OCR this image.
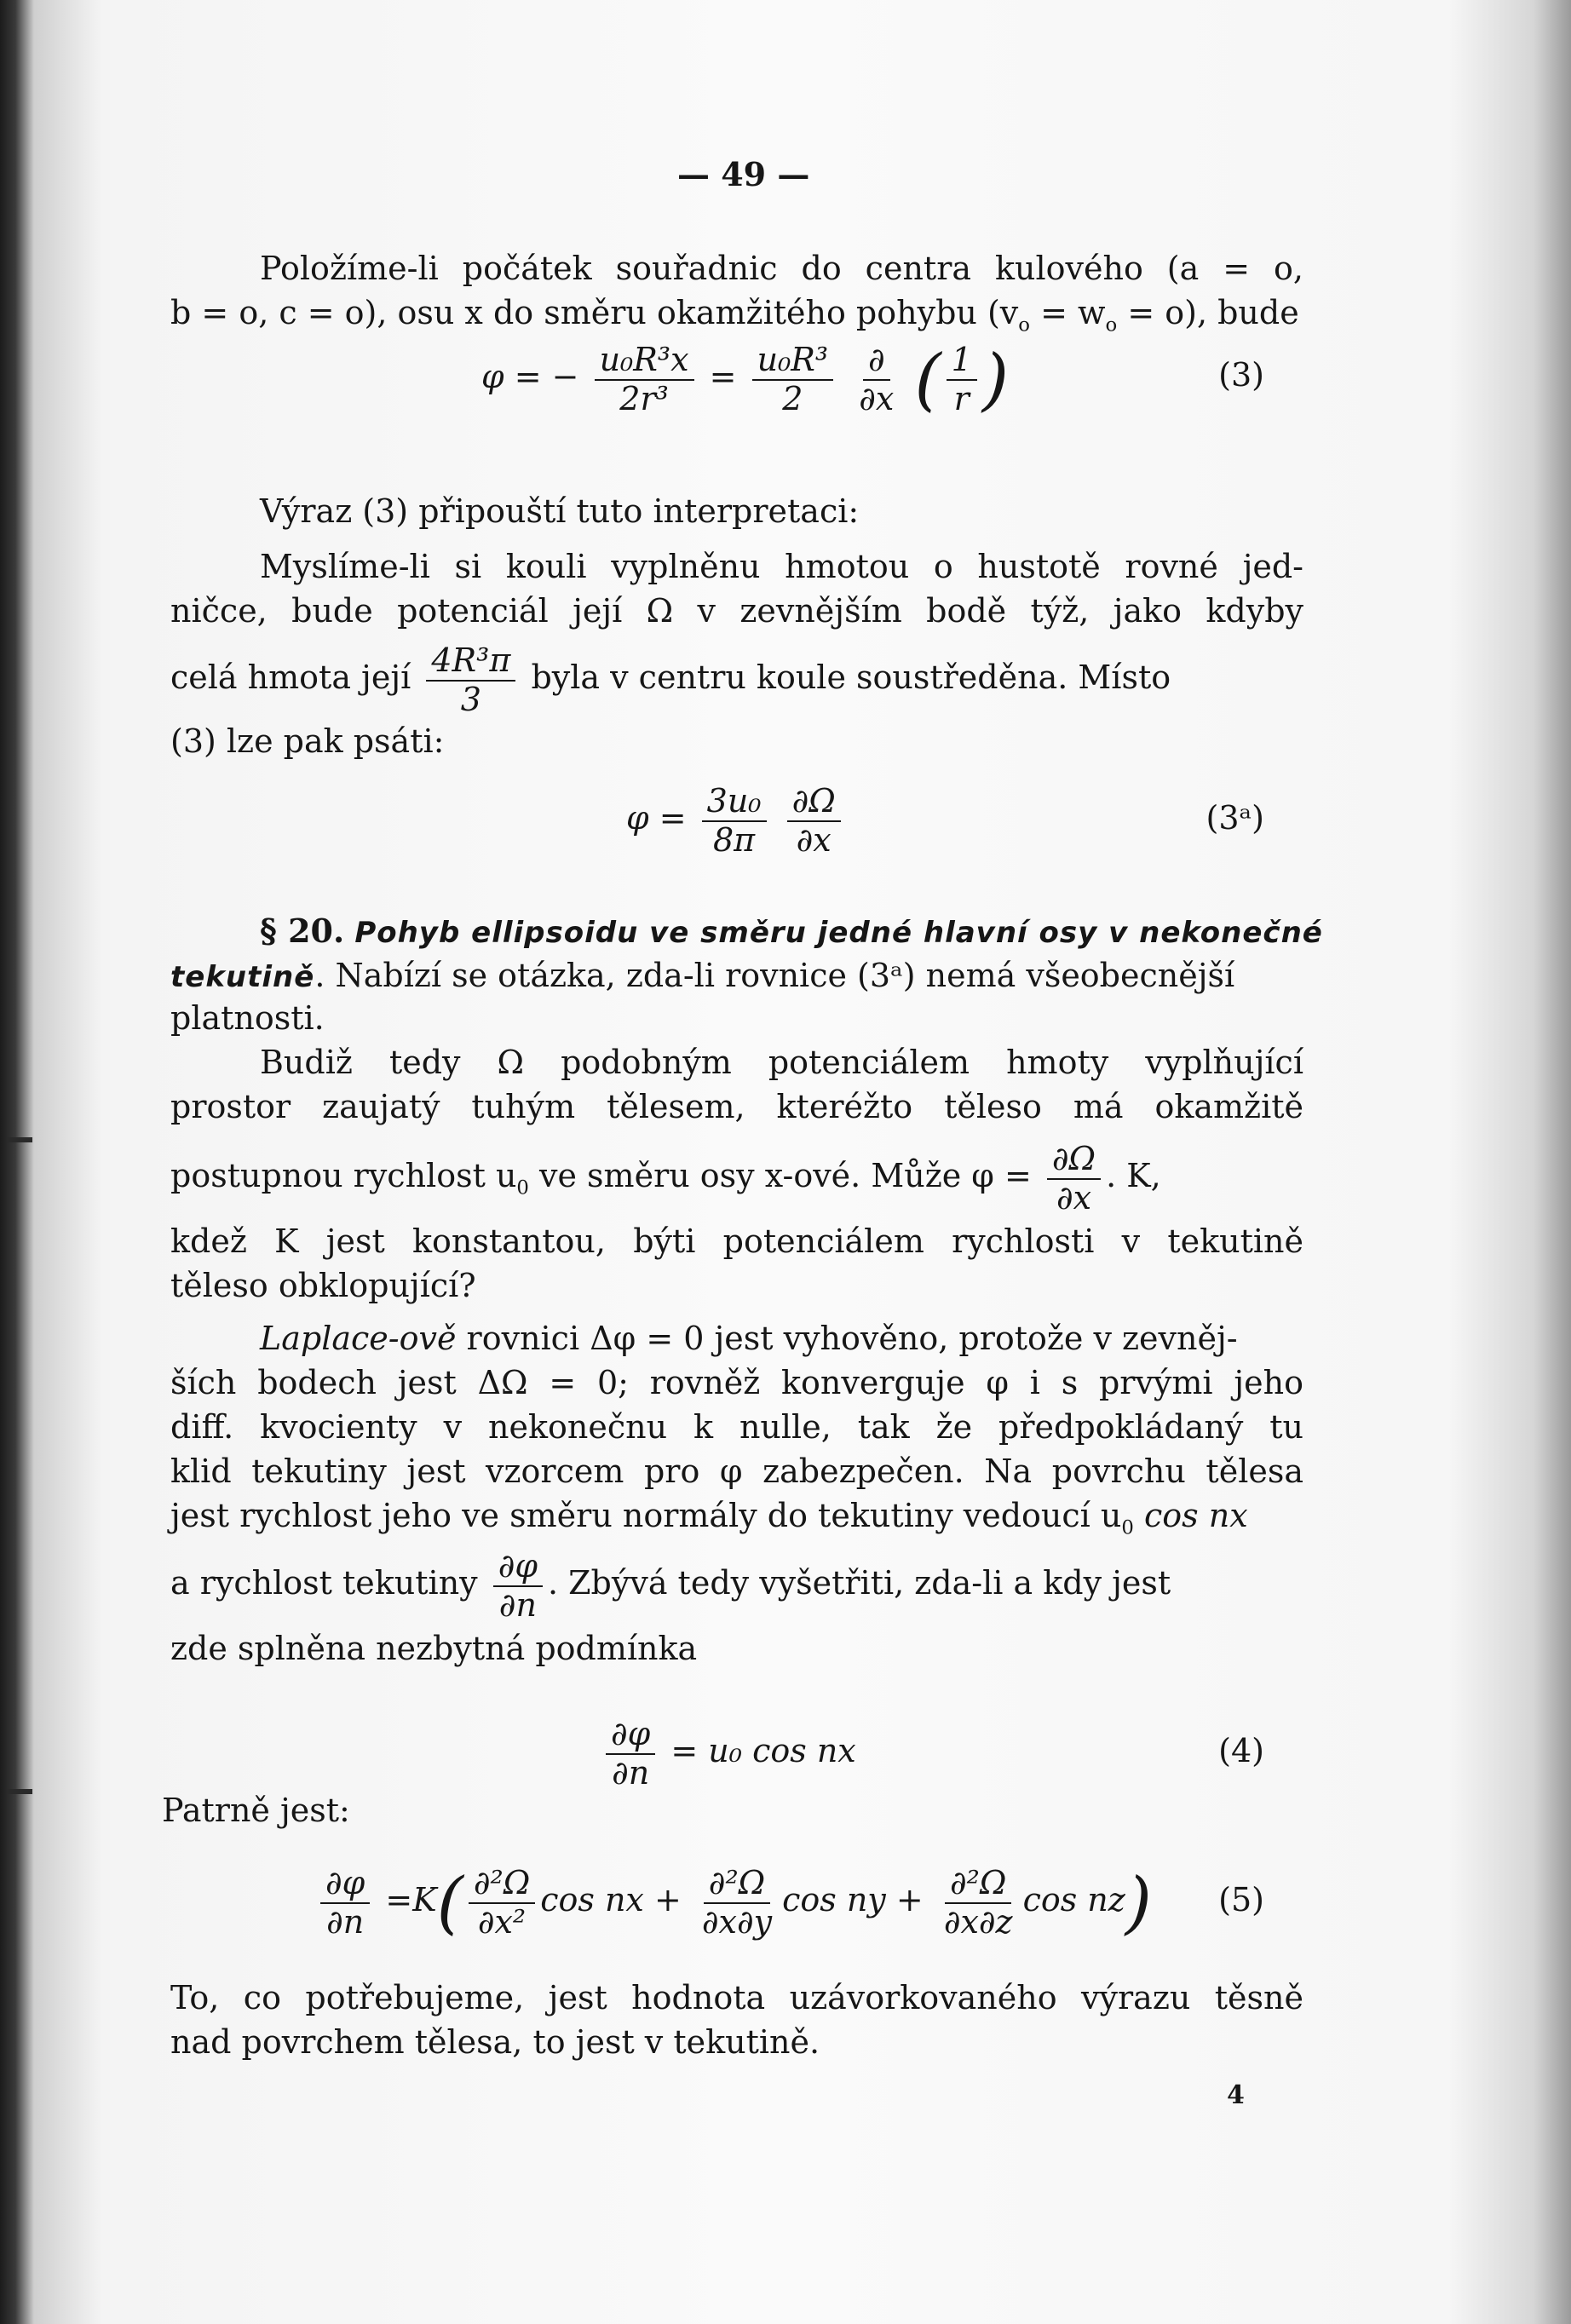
— 49 —
Položíme-li počátek souřadnic do centra kulového (a = o,
b = o, c = o), osu x do směru okamžitého pohybu $(v_o = w_o = o)$, bude
φ = − $\frac{\text{u₀R³x}}{\text{2r³}} = \frac{\text{u₀R³}}{2}$
$\frac{\partial}{\partial x}$ ( $\frac{1}{r}$ )	(3)
Výraz (3) připouští tuto interpretaci:
Myslíme-li si kouli vyplněnu hmotou o hustotě rovné jed-
ničce, bude potenciál její Ω v zevnějším bodě týž, jako kdyby
celá hmota její $\frac{\text{4R³π}}{3}$ byla v centru koule soustředěna. Místo
(3) lze pak psáti:
$\varphi = \frac{\text{3u₀}}{8\pi}$
$\frac{\partial\Omega}{\partial x}$	(3ᵃ)
§ 20. Pohyb ellipsoidu ve směru jedné hlavní osy v nekonečné
tekutině. Nabízí se otázka, zda-li rovnice (3ᵃ) nemá všeobecnější
platnosti.
Budiž tedy Ω podobným potenciálem hmoty vyplňující
prostor zaujatý tuhým tělesem, kteréžto těleso má okamžitě
postupnou rychlost $u_0$ ve směru osy x-ové. Může $\varphi = \frac{\partial\Omega}{\partial x}$ . K,
kdež K jest konstantou, býti potenciálem rychlosti v tekutině
těleso obklopující?
Laplace-ově rovnici Δφ = 0 jest vyhověno, protože v zevněj-
ších bodech jest ΔΩ = 0; rovněž konverguje φ i s prvými jeho
diff. kvocienty v nekonečnu k nulle, tak že předpokládaný tu
klid tekutiny jest vzorcem pro φ zabezpečen. Na povrchu tělesa
jest rychlost jeho ve směru normály do tekutiny vedoucí $u_0$ cos nx
a rychlost tekutiny $\frac{\partial\varphi}{\partial n}$ . Zbývá tedy vyšetřiti, zda-li a kdy jest
zde splněna nezbytná podmínka
$\frac{\partial\varphi}{\partial n} = u_0$ cos nx	(4)
Patrně jest:
$\frac{\partial\varphi}{\partial n} =K( \frac{\text{∂²Ω}}{\text{∂x²}}$ cos nx + $\frac{\text{∂²Ω}}{\partial x\partial y}$ cos ny + $\frac{\text{∂²Ω}}{\partial x\partial z}$ cos nz) (5)
To, co potřebujeme, jest hodnota uzávorkovaného výrazu těsně
nad povrchem tělesa, to jest v tekutině.
4
